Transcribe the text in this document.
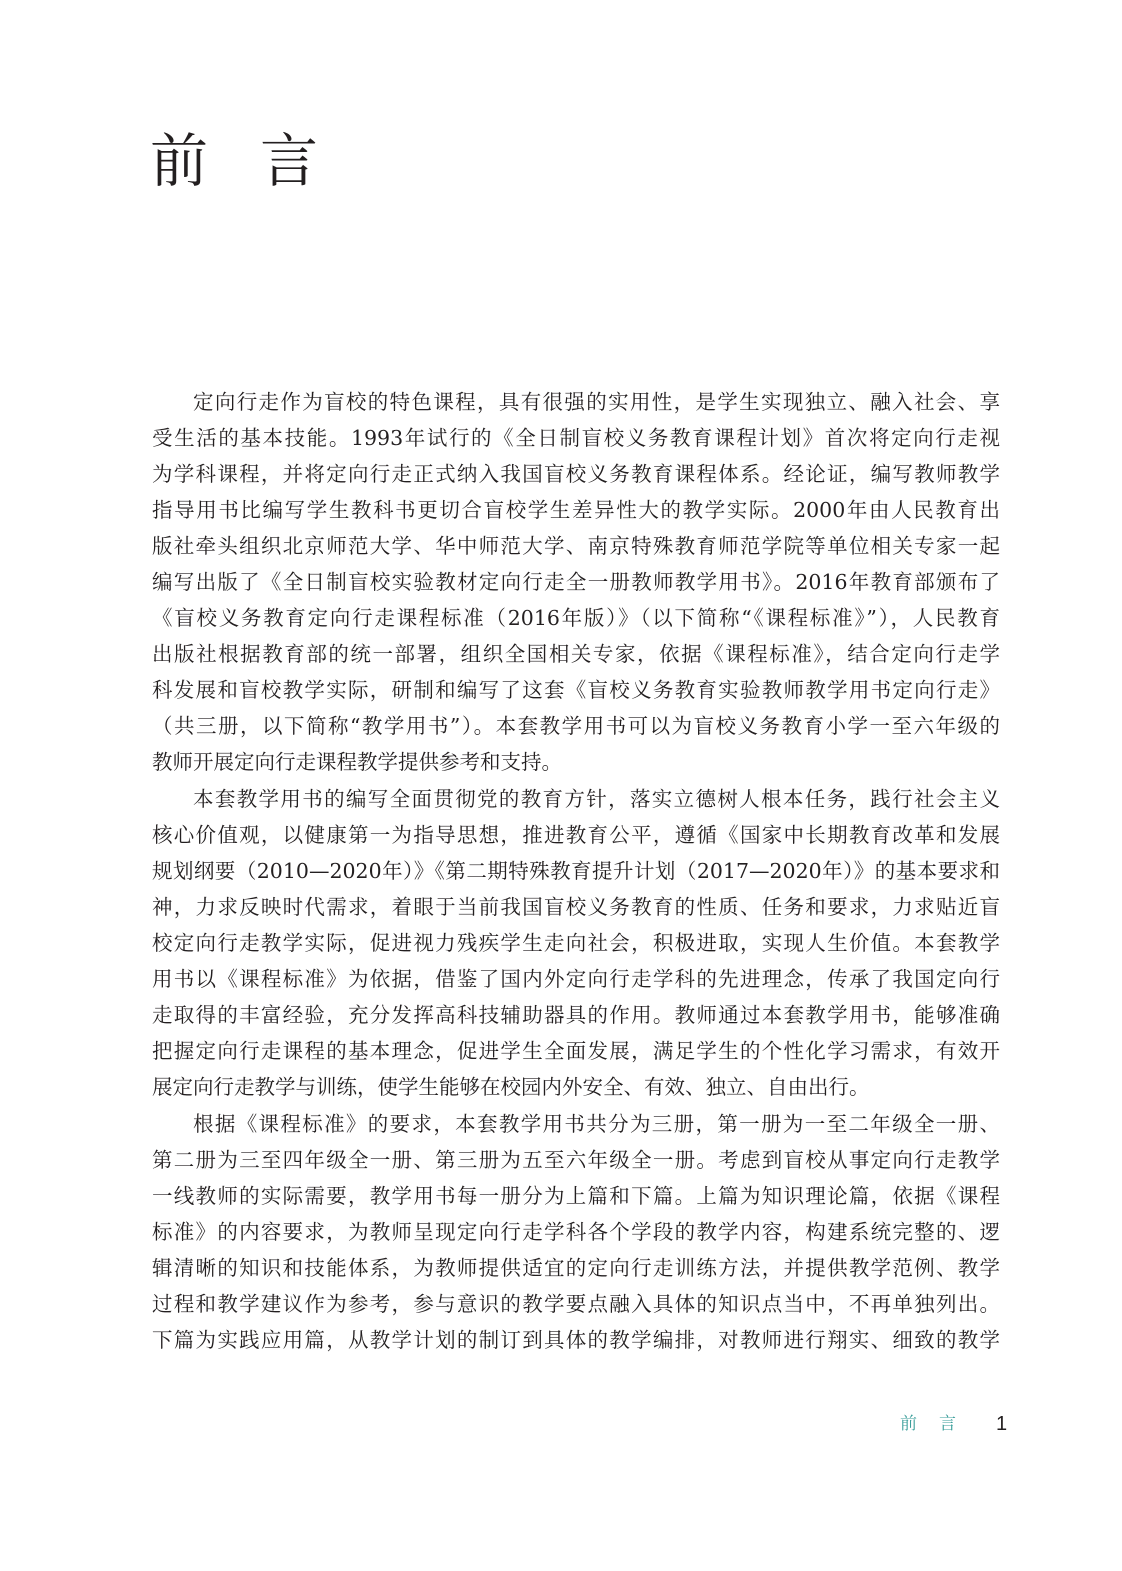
前言
定向行走作为盲校的特色课程，具有很强的实用性，是学生实现独立、融入社会、享
受生活的基本技能。1993年试行的《全日制盲校义务教育课程计划》首次将定向行走视
为学科课程，并将定向行走正式纳入我国盲校义务教育课程体系。经论证，编写教师教学
指导用书比编写学生教科书更切合盲校学生差异性大的教学实际。2000年由人民教育出
版社牵头组织北京师范大学、华中师范大学、南京特殊教育师范学院等单位相关专家一起
编写出版了《全日制盲校实验教材定向行走全一册教师教学用书》。2016年教育部颁布了
《盲校义务教育定向行走课程标准（2016年版）》（以下简称“《课程标准》”），人民教育
出版社根据教育部的统一部署，组织全国相关专家，依据《课程标准》，结合定向行走学
科发展和盲校教学实际，研制和编写了这套《盲校义务教育实验教师教学用书定向行走》
（共三册，以下简称“教学用书”）。本套教学用书可以为盲校义务教育小学一至六年级的
教师开展定向行走课程教学提供参考和支持。
本套教学用书的编写全面贯彻党的教育方针，落实立德树人根本任务，践行社会主义
核心价值观，以健康第一为指导思想，推进教育公平，遵循《国家中长期教育改革和发展
规划纲要（2010—2020年）》《第二期特殊教育提升计划（2017—2020年）》的基本要求和
神，力求反映时代需求，着眼于当前我国盲校义务教育的性质、任务和要求，力求贴近盲
校定向行走教学实际，促进视力残疾学生走向社会，积极进取，实现人生价值。本套教学
用书以《课程标准》为依据，借鉴了国内外定向行走学科的先进理念，传承了我国定向行
走取得的丰富经验，充分发挥高科技辅助器具的作用。教师通过本套教学用书，能够准确
把握定向行走课程的基本理念，促进学生全面发展，满足学生的个性化学习需求，有效开
展定向行走教学与训练，使学生能够在校园内外安全、有效、独立、自由出行。
根据《课程标准》的要求，本套教学用书共分为三册，第一册为一至二年级全一册、
第二册为三至四年级全一册、第三册为五至六年级全一册。考虑到盲校从事定向行走教学
一线教师的实际需要，教学用书每一册分为上篇和下篇。上篇为知识理论篇，依据《课程
标准》的内容要求，为教师呈现定向行走学科各个学段的教学内容，构建系统完整的、逻
辑清晰的知识和技能体系，为教师提供适宜的定向行走训练方法，并提供教学范例、教学
过程和教学建议作为参考，参与意识的教学要点融入具体的知识点当中，不再单独列出。
下篇为实践应用篇，从教学计划的制订到具体的教学编排，对教师进行翔实、细致的教学
前言 1
